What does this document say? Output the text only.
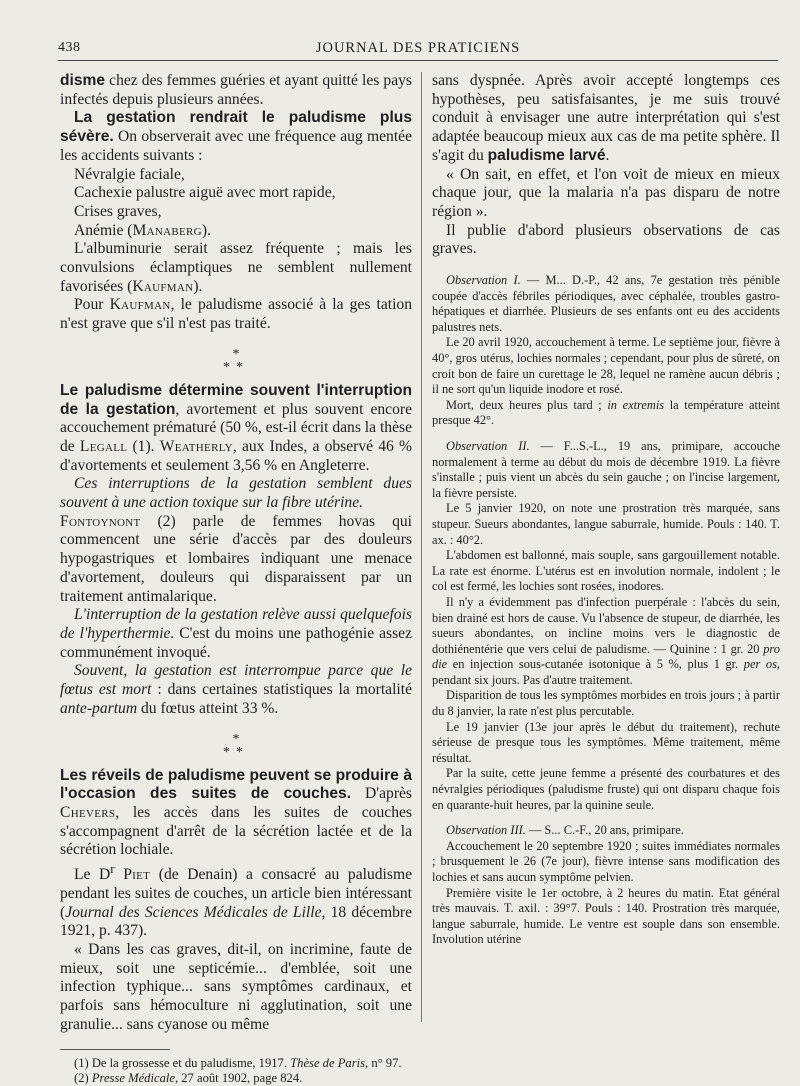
438	JOURNAL DES PRATICIENS

disme chez des femmes guéries et ayant quitté les pays infectés depuis plusieurs années.

La gestation rendrait le paludisme plus sévère. On observerait avec une fréquence aug mentée les accidents suivants :

Névralgie faciale,

Cachexie palustre aiguë avec mort rapide,

Crises graves,

Anémie (Manaberg).

L'albuminurie serait assez fréquente ; mais les convulsions éclamptiques ne semblent nullement favorisées (Kaufman).

Pour Kaufman, le paludisme associé à la ges tation n'est grave que s'il n'est pas traité.

*
**

Le paludisme détermine souvent l'interruption de la gestation, avortement et plus souvent encore accouchement prématuré (50 %, est-il écrit dans la thèse de Legall (1). Weatherly, aux Indes, a observé 46 % d'avortements et seulement 3,56 % en Angleterre.

Ces interruptions de la gestation semblent dues souvent à une action toxique sur la fibre utérine.

Fontoynont (2) parle de femmes hovas qui commencent une série d'accès par des douleurs hypogastriques et lombaires indiquant une menace d'avortement, douleurs qui disparaissent par un traitement antimalarique.

L'interruption de la gestation relève aussi quelquefois de l'hyperthermie. C'est du moins une pathogénie assez communément invoqué.

Souvent, la gestation est interrompue parce que le fœtus est mort : dans certaines statistiques la mortalité ante-partum du fœtus atteint 33 %.

*
**

Les réveils de paludisme peuvent se produire à l'occasion des suites de couches. D'après Chevers, les accès dans les suites de couches s'accompagnent d'arrêt de la sécrétion lactée et de la sécrétion lochiale.

Le $D^r$ Piet (de Denain) a consacré au paludisme pendant les suites de couches, un article bien intéressant (Journal des Sciences Médicales de Lille, 18 décembre 1921, p. 437).

« Dans les cas graves, dit-il, on incrimine, faute de mieux, soit une septicémie... d'emblée, soit une infection typhique... sans symptômes cardinaux, et parfois sans hémoculture ni agglutination, soit une granulie... sans cyanose ou même

(1) De la grossesse et du paludisme, 1917. Thèse de Paris, n° 97.

(2) Presse Médicale, 27 août 1902, page 824.

sans dyspnée. Après avoir accepté longtemps ces hypothèses, peu satisfaisantes, je me suis trouvé conduit à envisager une autre interprétation qui s'est adaptée beaucoup mieux aux cas de ma petite sphère. Il s'agit du paludisme larvé.

« On sait, en effet, et l'on voit de mieux en mieux chaque jour, que la malaria n'a pas disparu de notre région ».

Il publie d'abord plusieurs observations de cas graves.

Observation I. — M... D.-P., 42 ans, 7e gestation très pénible coupée d'accès fébriles périodiques, avec céphalée, troubles gastro-hépatiques et diarrhée. Plusieurs de ses enfants ont eu des accidents palustres nets.

Le 20 avril 1920, accouchement à terme. Le septième jour, fièvre à 40°, gros utérus, lochies normales ; cependant, pour plus de sûreté, on croit bon de faire un curettage le 28, lequel ne ramène aucun débris ; il ne sort qu'un liquide inodore et rosé.

Mort, deux heures plus tard ; in extremis la température atteint presque 42°.

Observation II. — F...S.-L., 19 ans, primipare, accouche normalement à terme au début du mois de décembre 1919. La fièvre s'installe ; puis vient un abcès du sein gauche ; on l'incise largement, la fièvre persiste.

Le 5 janvier 1920, on note une prostration très marquée, sans stupeur. Sueurs abondantes, langue saburrale, humide. Pouls : 140. T. ax. : 40°2.

L'abdomen est ballonné, mais souple, sans gargouillement notable. La rate est énorme. L'utérus est en involution normale, indolent ; le col est fermé, les lochies sont rosées, inodores.

Il n'y a évidemment pas d'infection puerpérale : l'abcès du sein, bien drainé est hors de cause. Vu l'absence de stupeur, de diarrhée, les sueurs abondantes, on incline moins vers le diagnostic de dothiénentérie que vers celui de paludisme. — Quinine : 1 gr. 20 pro die en injection sous-cutanée isotonique à 5 %, plus 1 gr. per os, pendant six jours. Pas d'autre traitement.

Disparition de tous les symptômes morbides en trois jours ; à partir du 8 janvier, la rate n'est plus percutable.

Le 19 janvier (13e jour après le début du traitement), rechute sérieuse de presque tous les symptômes. Même traitement, même résultat.

Par la suite, cette jeune femme a présenté des courbatures et des névralgies périodiques (paludisme fruste) qui ont disparu chaque fois en quarante-huit heures, par la quinine seule.

Observation III. — S... C.-F., 20 ans, primipare.

Accouchement le 20 septembre 1920 ; suites immédiates normales ; brusquement le 26 (7e jour), fièvre intense sans modification des lochies et sans aucun symptôme pelvien.

Première visite le 1er octobre, à 2 heures du matin. Etat général très mauvais. T. axil. : 39°7. Pouls : 140. Prostration très marquée, langue saburrale, humide. Le ventre est souple dans son ensemble. Involution utérine
